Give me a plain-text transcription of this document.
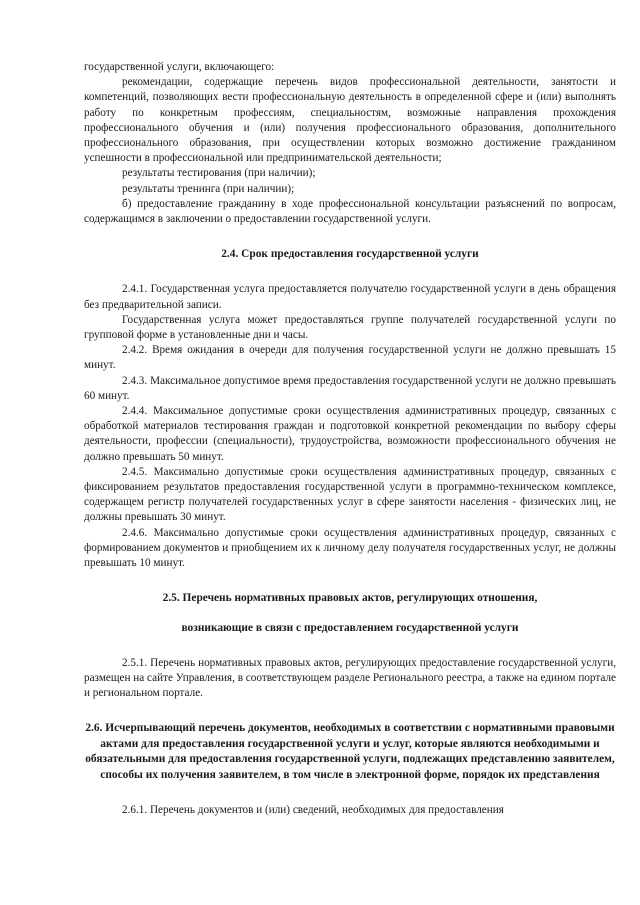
государственной услуги, включающего:

рекомендации, содержащие перечень видов профессиональной деятельности, занятости и компетенций, позволяющих вести профессиональную деятельность в определенной сфере и (или) выполнять работу по конкретным профессиям, специальностям, возможные направления прохождения профессионального обучения и (или) получения профессионального образования, дополнительного профессионального образования, при осуществлении которых возможно достижение гражданином успешности в профессиональной или предпринимательской деятельности;

результаты тестирования (при наличии);

результаты тренинга (при наличии);

б) предоставление гражданину в ходе профессиональной консультации разъяснений по вопросам, содержащимся в заключении о предоставлении государственной услуги.

2.4. Срок предоставления государственной услуги

2.4.1. Государственная услуга предоставляется получателю государственной услуги в день обращения без предварительной записи.

Государственная услуга может предоставляться группе получателей государственной услуги по групповой форме в установленные дни и часы.

2.4.2. Время ожидания в очереди для получения государственной услуги не должно превышать 15 минут.

2.4.3. Максимальное допустимое время предоставления государственной услуги не должно превышать 60 минут.

2.4.4. Максимальное допустимые сроки осуществления административных процедур, связанных с обработкой материалов тестирования граждан и подготовкой конкретной рекомендации по выбору сферы деятельности, профессии (специальности), трудоустройства, возможности профессионального обучения не должно превышать 50 минут.

2.4.5. Максимально допустимые сроки осуществления административных процедур, связанных с фиксированием результатов предоставления государственной услуги в программно-техническом комплексе, содержащем регистр получателей государственных услуг в сфере занятости населения - физических лиц, не должны превышать 30 минут.

2.4.6. Максимально допустимые сроки осуществления административных процедур, связанных с формированием документов и приобщением их к личному делу получателя государственных услуг, не должны превышать 10 минут.

2.5. Перечень нормативных правовых актов, регулирующих отношения,

возникающие в связи с предоставлением государственной услуги

2.5.1. Перечень нормативных правовых актов, регулирующих предоставление государственной услуги, размещен на сайте Управления, в соответствующем разделе Регионального реестра, а также на едином портале и региональном портале.

2.6. Исчерпывающий перечень документов, необходимых в соответствии с нормативными правовыми актами для предоставления государственной услуги и услуг, которые являются необходимыми и обязательными для предоставления государственной услуги, подлежащих представлению заявителем, способы их получения заявителем, в том числе в электронной форме, порядок их представления

2.6.1. Перечень документов и (или) сведений, необходимых для предоставления
